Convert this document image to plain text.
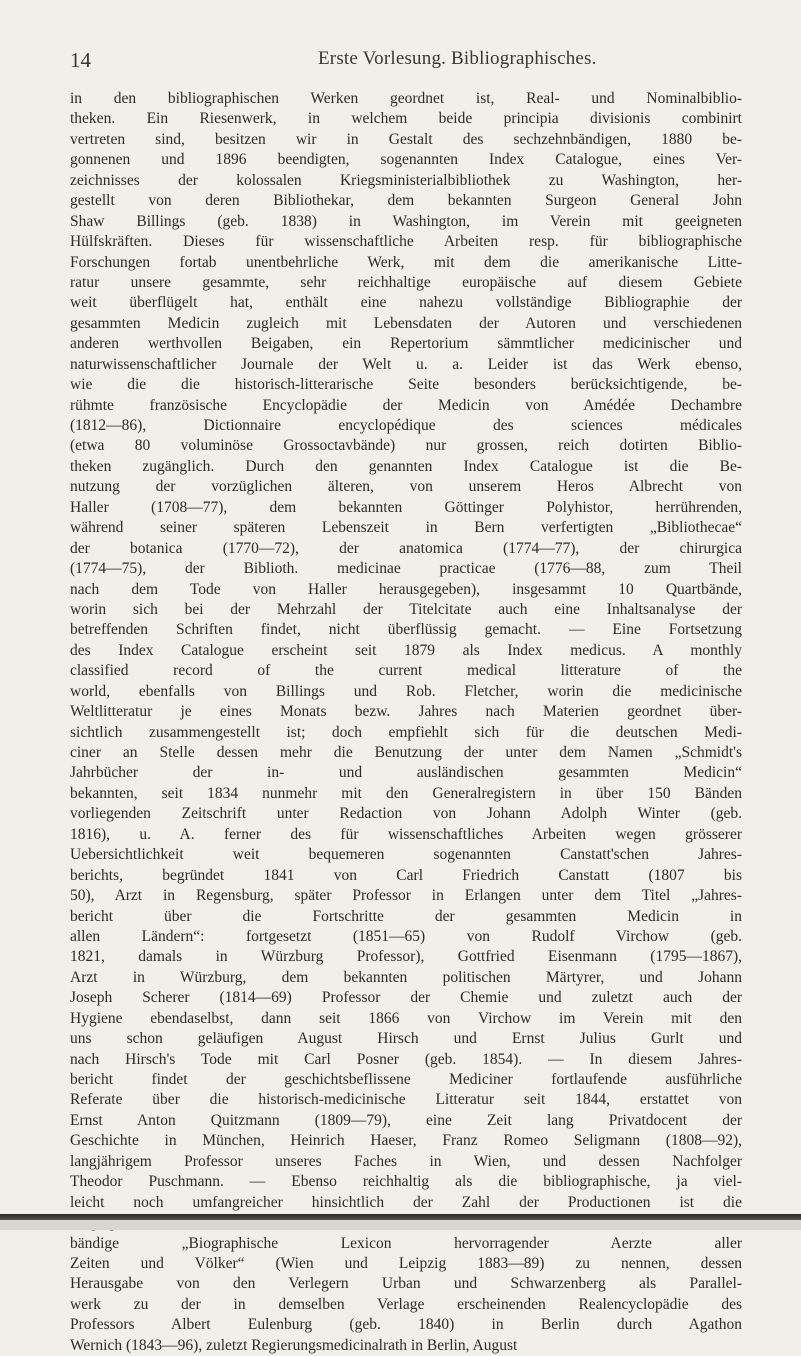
14	Erste Vorlesung. Bibliographisches.
in den bibliographischen Werken geordnet ist, Real- und Nominalbiblio-
theken. Ein Riesenwerk, in welchem beide principia divisionis combinirt
vertreten sind, besitzen wir in Gestalt des sechzehnbändigen, 1880 be-
gonnenen und 1896 beendigten, sogenannten Index Catalogue, eines Ver-
zeichnisses der kolossalen Kriegsministerialbibliothek zu Washington, her-
gestellt von deren Bibliothekar, dem bekannten Surgeon General John
Shaw Billings (geb. 1838) in Washington, im Verein mit geeigneten
Hülfskräften. Dieses für wissenschaftliche Arbeiten resp. für bibliographische
Forschungen fortab unentbehrliche Werk, mit dem die amerikanische Litte-
ratur unsere gesammte, sehr reichhaltige europäische auf diesem Gebiete
weit überflügelt hat, enthält eine nahezu vollständige Bibliographie der
gesammten Medicin zugleich mit Lebensdaten der Autoren und verschiedenen
anderen werthvollen Beigaben, ein Repertorium sämmtlicher medicinischer und
naturwissenschaftlicher Journale der Welt u. a. Leider ist das Werk ebenso,
wie die die historisch-litterarische Seite besonders berücksichtigende, be-
rühmte französische Encyclopädie der Medicin von Amédée Dechambre
(1812—86), Dictionnaire encyclopédique des sciences médicales
(etwa 80 voluminöse Grossoctavbände) nur grossen, reich dotirten Biblio-
theken zugänglich. Durch den genannten Index Catalogue ist die Be-
nutzung der vorzüglichen älteren, von unserem Heros Albrecht von
Haller (1708—77), dem bekannten Göttinger Polyhistor, herrührenden,
während seiner späteren Lebenszeit in Bern verfertigten „Bibliothecae“
der botanica (1770—72), der anatomica (1774—77), der chirurgica
(1774—75), der Biblioth. medicinae practicae (1776—88, zum Theil
nach dem Tode von Haller herausgegeben), insgesammt 10 Quartbände,
worin sich bei der Mehrzahl der Titelcitate auch eine Inhaltsanalyse der
betreffenden Schriften findet, nicht überflüssig gemacht. — Eine Fortsetzung
des Index Catalogue erscheint seit 1879 als Index medicus. A monthly
classified record of the current medical litterature of the
world, ebenfalls von Billings und Rob. Fletcher, worin die medicinische
Weltlitteratur je eines Monats bezw. Jahres nach Materien geordnet über-
sichtlich zusammengestellt ist; doch empfiehlt sich für die deutschen Medi-
ciner an Stelle dessen mehr die Benutzung der unter dem Namen „Schmidt's
Jahrbücher der in- und ausländischen gesammten Medicin“
bekannten, seit 1834 nunmehr mit den Generalregistern in über 150 Bänden
vorliegenden Zeitschrift unter Redaction von Johann Adolph Winter (geb.
1816), u. A. ferner des für wissenschaftliches Arbeiten wegen grösserer
Uebersichtlichkeit weit bequemeren sogenannten Canstatt'schen Jahres-
berichts, begründet 1841 von Carl Friedrich Canstatt (1807 bis
50), Arzt in Regensburg, später Professor in Erlangen unter dem Titel „Jahres-
bericht über die Fortschritte der gesammten Medicin in
allen Ländern“: fortgesetzt (1851—65) von Rudolf Virchow (geb.
1821, damals in Würzburg Professor), Gottfried Eisenmann (1795—1867),
Arzt in Würzburg, dem bekannten politischen Märtyrer, und Johann
Joseph Scherer (1814—69) Professor der Chemie und zuletzt auch der
Hygiene ebendaselbst, dann seit 1866 von Virchow im Verein mit den
uns schon geläufigen August Hirsch und Ernst Julius Gurlt und
nach Hirsch's Tode mit Carl Posner (geb. 1854). — In diesem Jahres-
bericht findet der geschichtsbeflissene Mediciner fortlaufende ausführliche
Referate über die historisch-medicinische Litteratur seit 1844, erstattet von
Ernst Anton Quitzmann (1809—79), eine Zeit lang Privatdocent der
Geschichte in München, Heinrich Haeser, Franz Romeo Seligmann (1808—92),
langjährigem Professor unseres Faches in Wien, und dessen Nachfolger
Theodor Puschmann. — Ebenso reichhaltig als die bibliographische, ja viel-
leicht noch umfangreicher hinsichtlich der Zahl der Productionen ist die
bändige „Biographische Lexicon hervorragender Aerzte aller
Zeiten und Völker“ (Wien und Leipzig 1883—89) zu nennen, dessen
Herausgabe von den Verlegern Urban und Schwarzenberg als Parallel-
werk zu der in demselben Verlage erscheinenden Realencyclopädie des
Professors Albert Eulenburg (geb. 1840) in Berlin durch Agathon
Wernich (1843—96), zuletzt Regierungsmedicinalrath in Berlin, August
